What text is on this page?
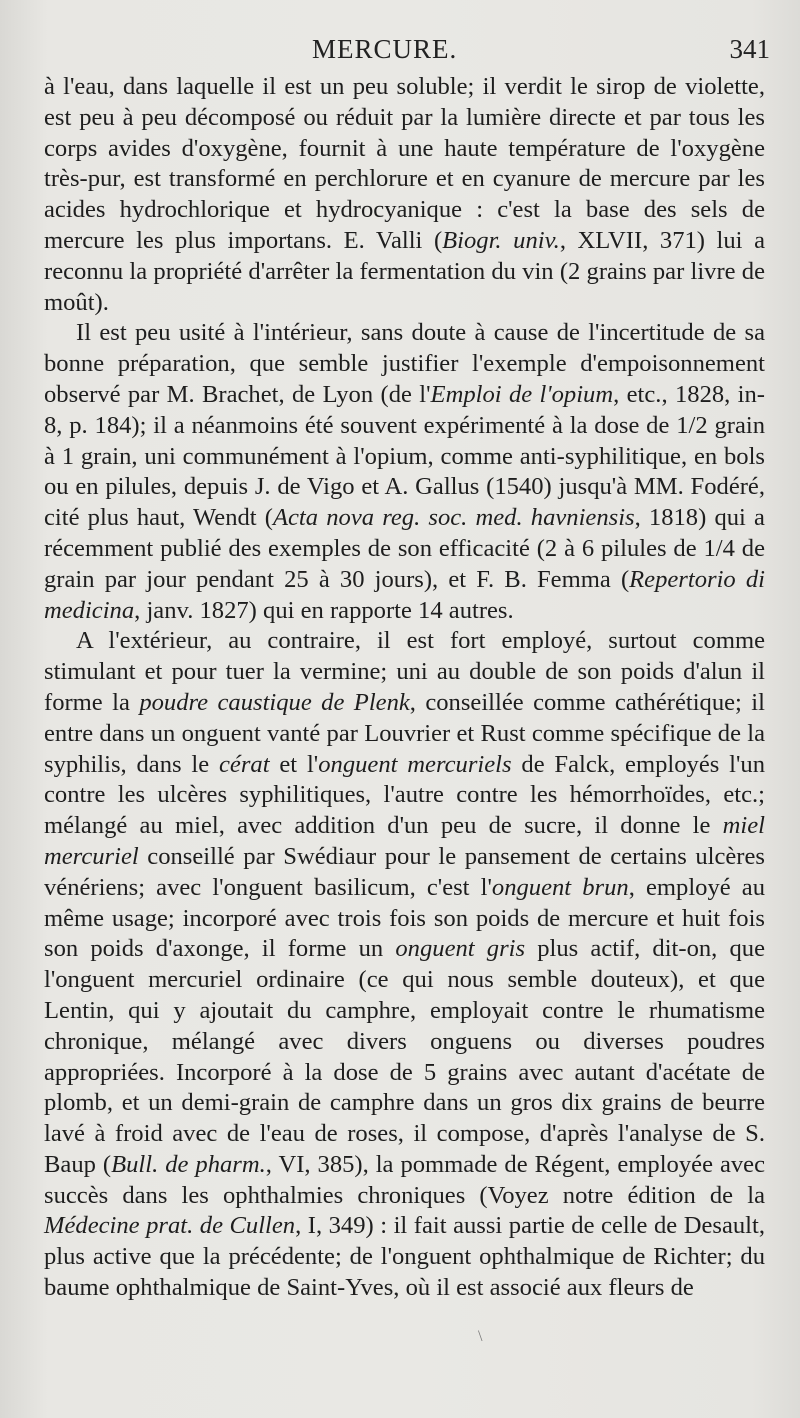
MERCURE.	341

à l'eau, dans laquelle il est un peu soluble; il verdit le sirop de violette, est peu à peu décomposé ou réduit par la lumière directe et par tous les corps avides d'oxygène, fournit à une haute température de l'oxygène très-pur, est transformé en perchlorure et en cyanure de mercure par les acides hydrochlorique et hydrocyanique : c'est la base des sels de mercure les plus importans. E. Valli (Biogr. univ., XLVII, 371) lui a reconnu la propriété d'arrêter la fermentation du vin (2 grains par livre de moût).

Il est peu usité à l'intérieur, sans doute à cause de l'incertitude de sa bonne préparation, que semble justifier l'exemple d'empoisonnement observé par M. Brachet, de Lyon (de l'Emploi de l'opium, etc., 1828, in-8, p. 184); il a néanmoins été souvent expérimenté à la dose de 1/2 grain à 1 grain, uni communément à l'opium, comme anti-syphilitique, en bols ou en pilules, depuis J. de Vigo et A. Gallus (1540) jusqu'à MM. Fodéré, cité plus haut, Wendt (Acta nova reg. soc. med. havniensis, 1818) qui a récemment publié des exemples de son efficacité (2 à 6 pilules de 1/4 de grain par jour pendant 25 à 30 jours), et F. B. Femma (Repertorio di medicina, janv. 1827) qui en rapporte 14 autres.

A l'extérieur, au contraire, il est fort employé, surtout comme stimulant et pour tuer la vermine; uni au double de son poids d'alun il forme la poudre caustique de Plenk, conseillée comme cathérétique; il entre dans un onguent vanté par Louvrier et Rust comme spécifique de la syphilis, dans le cérat et l'onguent mercuriels de Falck, employés l'un contre les ulcères syphilitiques, l'autre contre les hémorrhoïdes, etc.; mélangé au miel, avec addition d'un peu de sucre, il donne le miel mercuriel conseillé par Swédiaur pour le pansement de certains ulcères vénériens; avec l'onguent basilicum, c'est l'onguent brun, employé au même usage; incorporé avec trois fois son poids de mercure et huit fois son poids d'axonge, il forme un onguent gris plus actif, dit-on, que l'onguent mercuriel ordinaire (ce qui nous semble douteux), et que Lentin, qui y ajoutait du camphre, employait contre le rhumatisme chronique, mélangé avec divers onguens ou diverses poudres appropriées. Incorporé à la dose de 5 grains avec autant d'acétate de plomb, et un demi-grain de camphre dans un gros dix grains de beurre lavé à froid avec de l'eau de roses, il compose, d'après l'analyse de S. Baup (Bull. de pharm., VI, 385), la pommade de Régent, employée avec succès dans les ophthalmies chroniques (Voyez notre édition de la Médecine prat. de Cullen, I, 349) : il fait aussi partie de celle de Desault, plus active que la précédente; de l'onguent ophthalmique de Richter; du baume ophthalmique de Saint-Yves, où il est associé aux fleurs de

\
